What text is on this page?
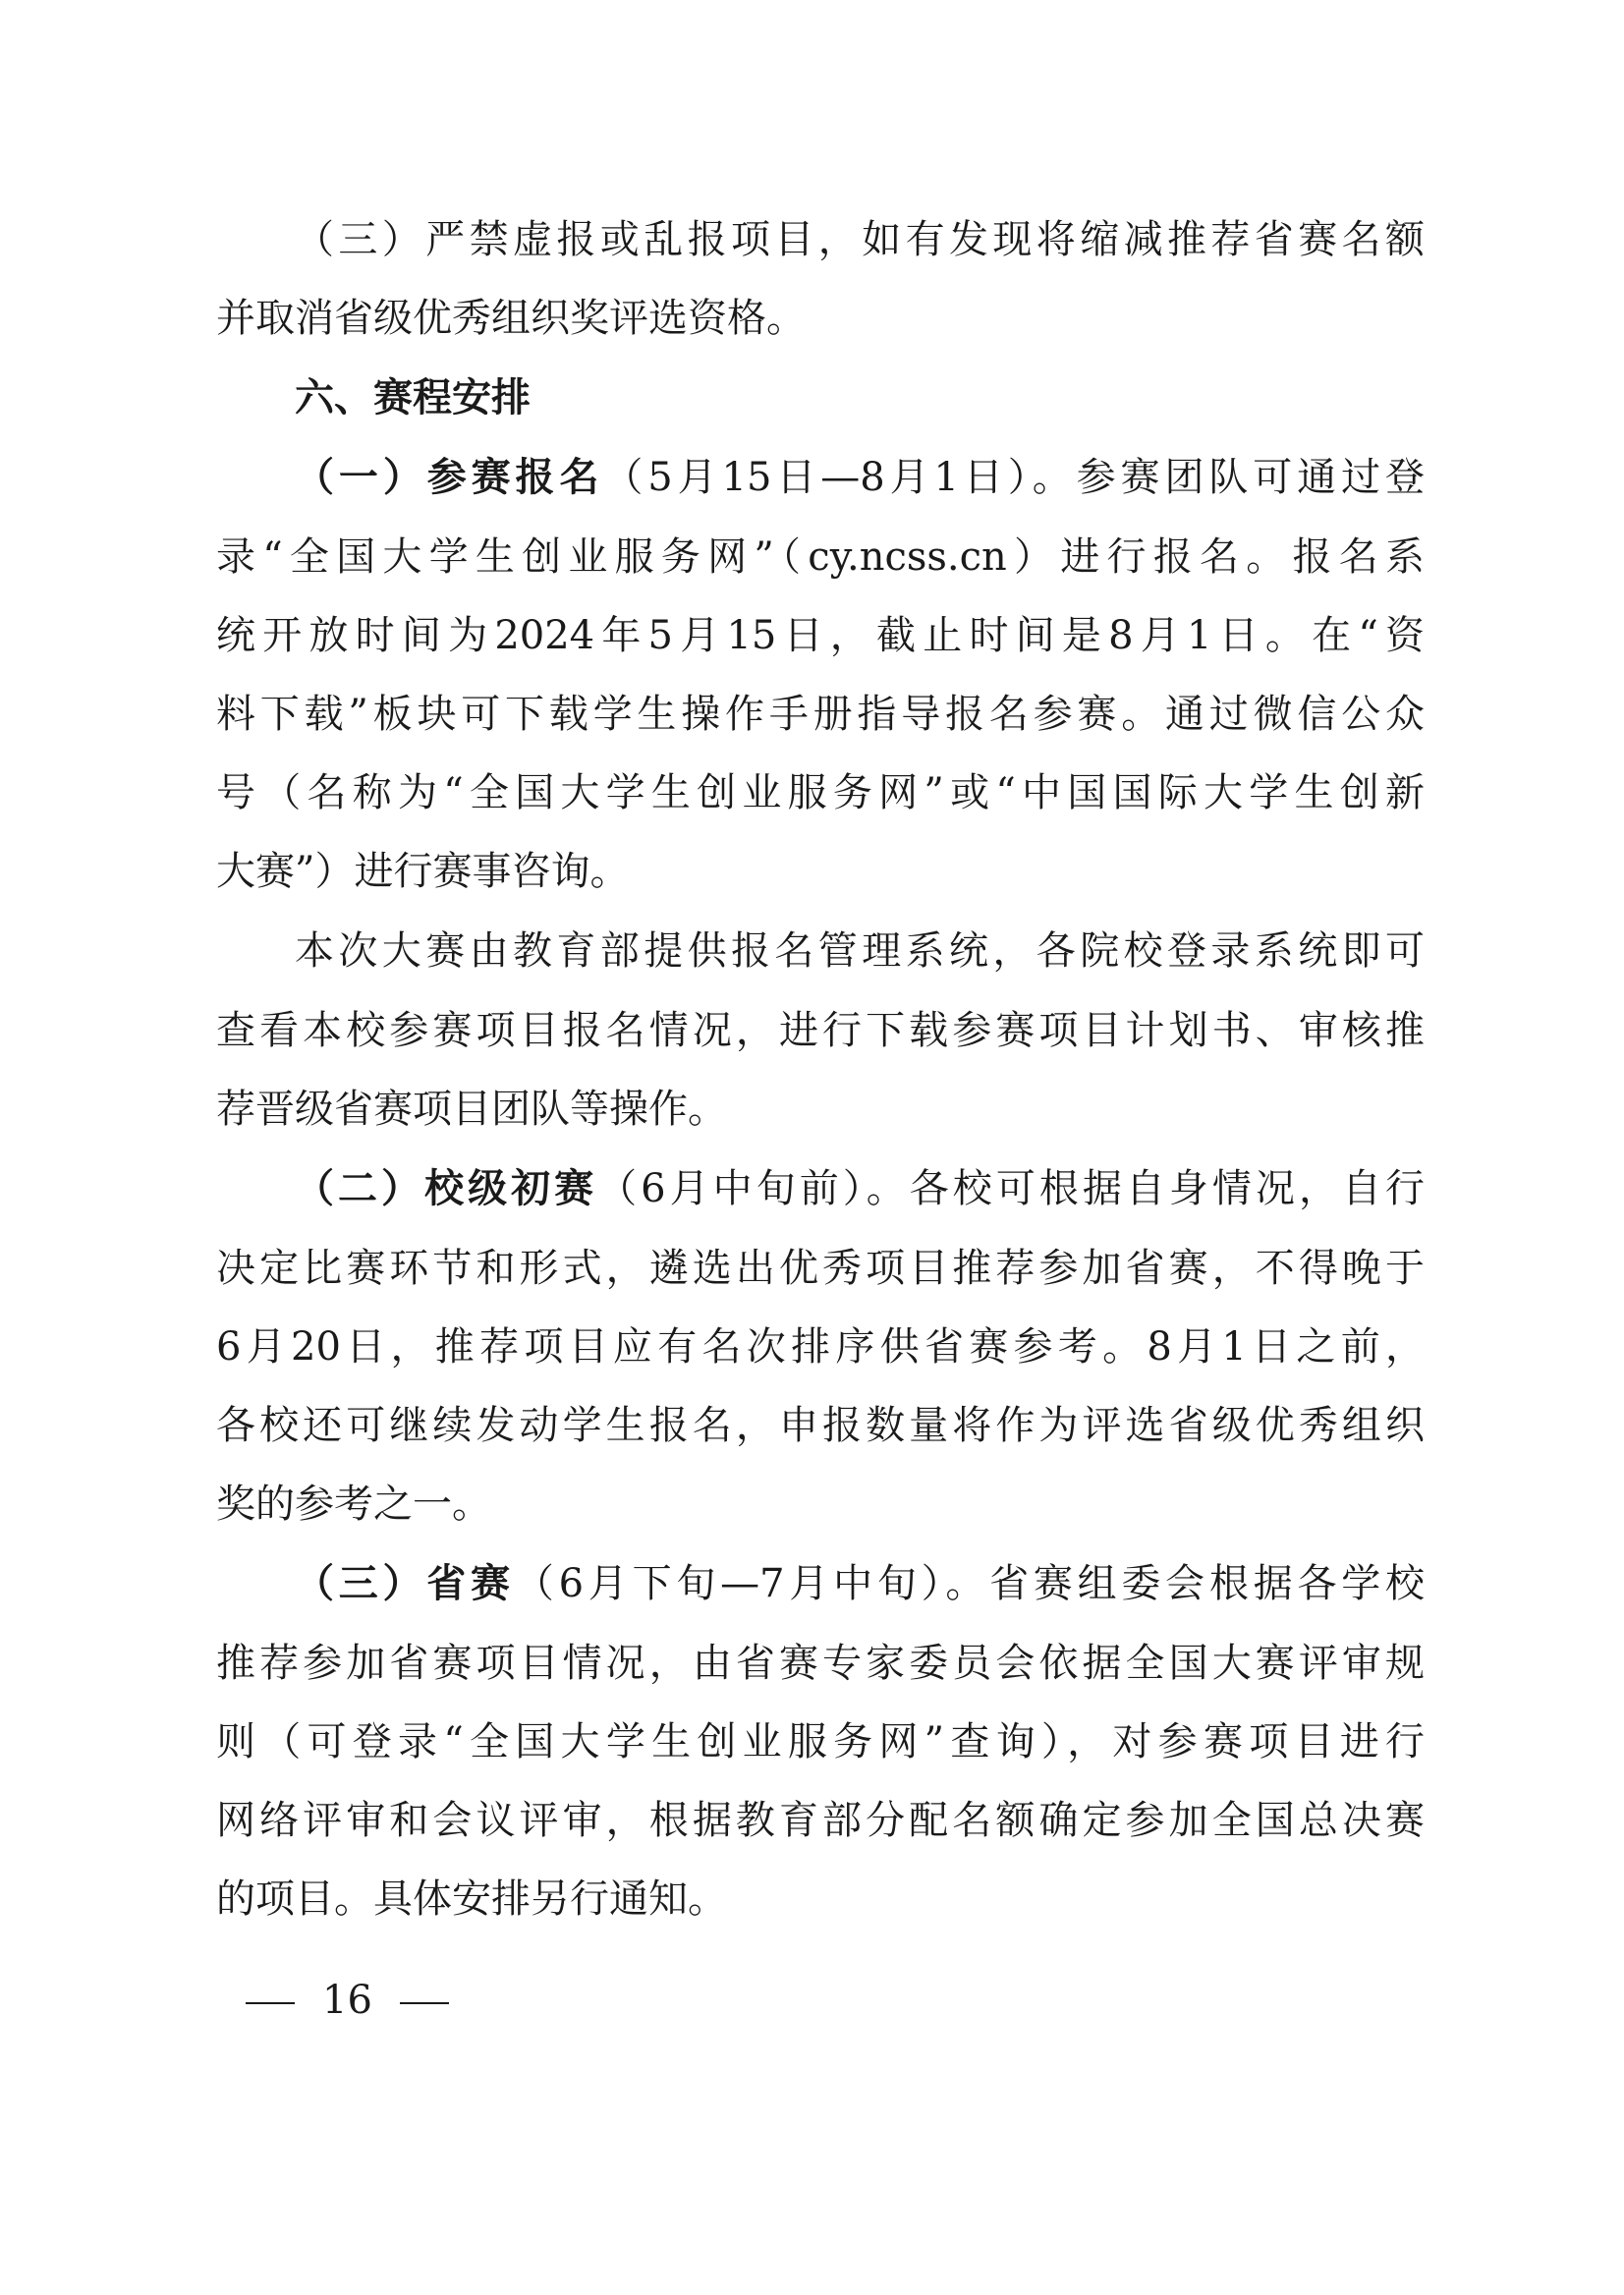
（三）严禁虚报或乱报项目，如有发现将缩减推荐省赛名额
并取消省级优秀组织奖评选资格。
六、赛程安排
（一）参赛报名（5月15日—8月1日）。参赛团队可通过登
录“全国大学生创业服务网”（cy.ncss.cn）进行报名。报名系
统开放时间为2024年5月15日，截止时间是8月1日。在“资
料下载”板块可下载学生操作手册指导报名参赛。通过微信公众
号（名称为“全国大学生创业服务网”或“中国国际大学生创新
大赛”）进行赛事咨询。
本次大赛由教育部提供报名管理系统，各院校登录系统即可
查看本校参赛项目报名情况，进行下载参赛项目计划书、审核推
荐晋级省赛项目团队等操作。
（二）校级初赛（6月中旬前）。各校可根据自身情况，自行
决定比赛环节和形式，遴选出优秀项目推荐参加省赛，不得晚于
6月20日，推荐项目应有名次排序供省赛参考。8月1日之前，
各校还可继续发动学生报名，申报数量将作为评选省级优秀组织
奖的参考之一。
（三）省赛（6月下旬—7月中旬）。省赛组委会根据各学校
推荐参加省赛项目情况，由省赛专家委员会依据全国大赛评审规
则（可登录“全国大学生创业服务网”查询），对参赛项目进行
网络评审和会议评审，根据教育部分配名额确定参加全国总决赛
的项目。具体安排另行通知。
16
